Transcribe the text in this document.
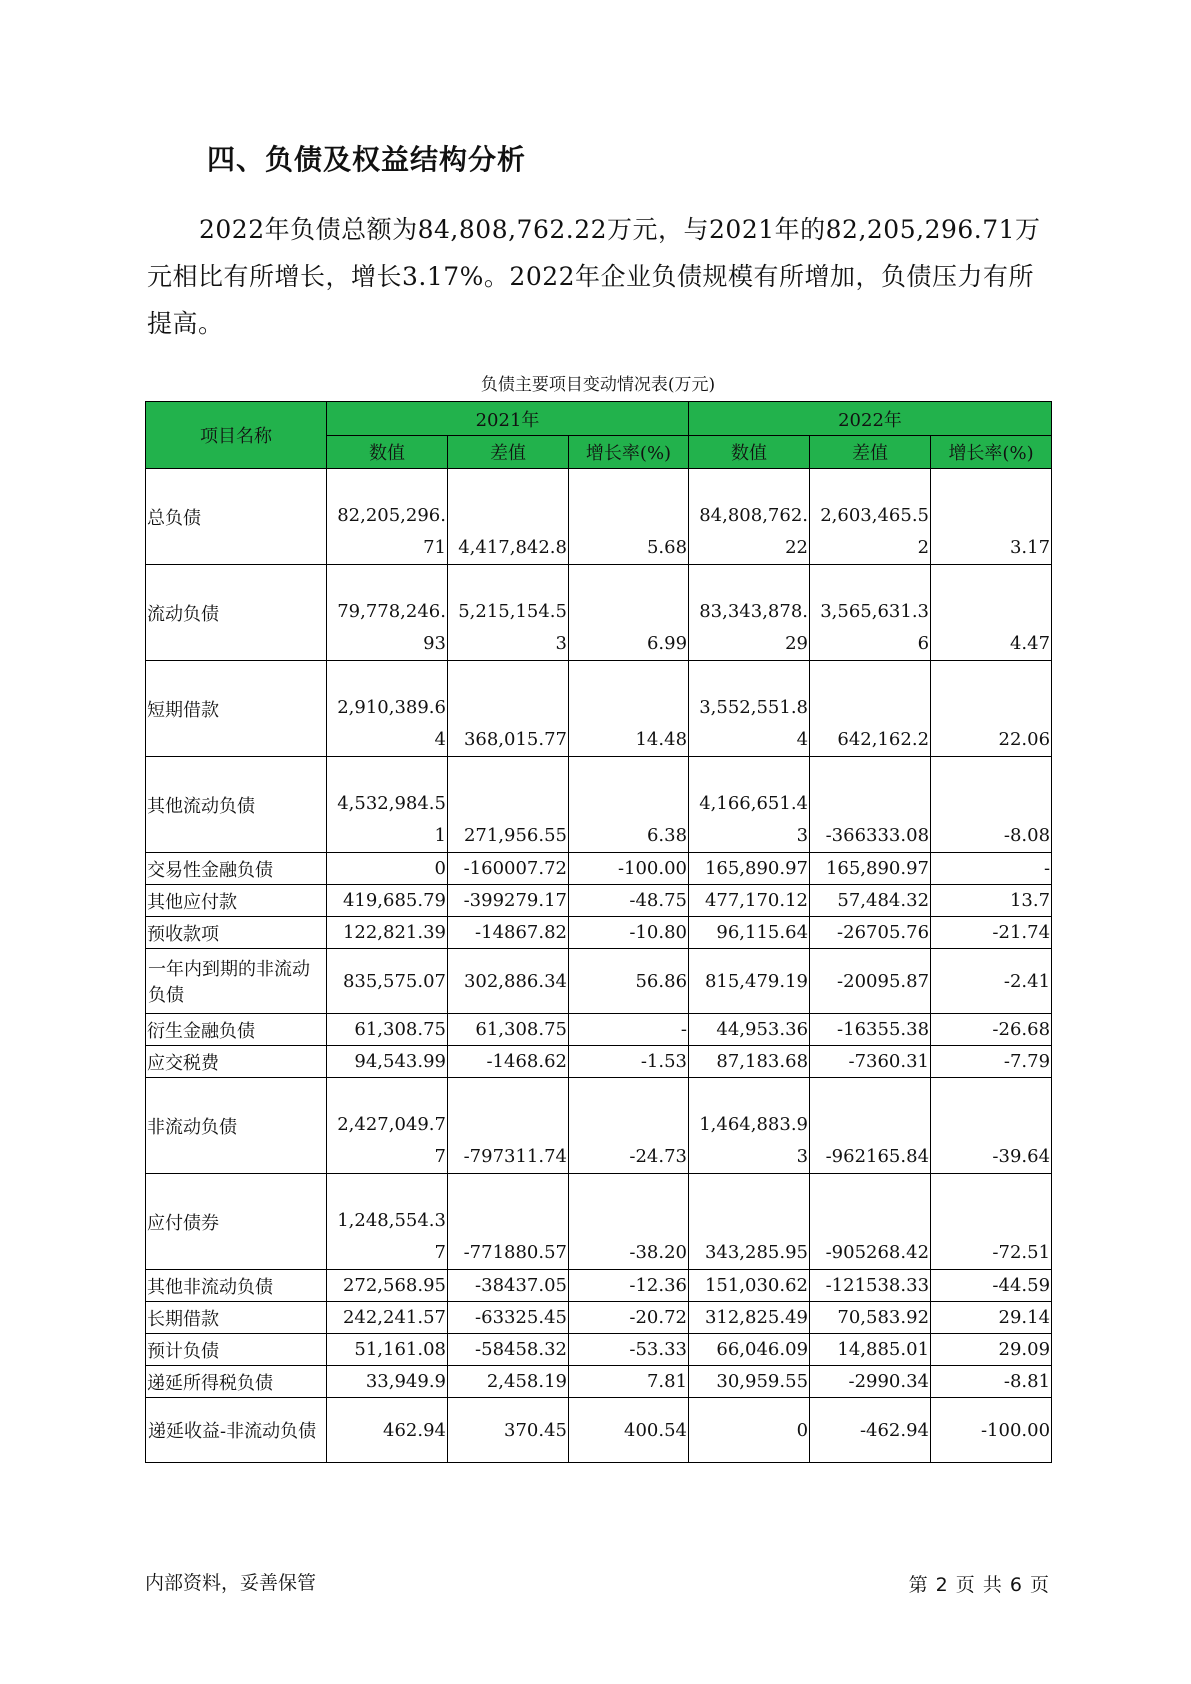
四、负债及权益结构分析
2022年负债总额为84,808,762.22万元，与2021年的82,205,296.71万元相比有所增长，增长3.17%。2022年企业负债规模有所增加，负债压力有所提高。
负债主要项目变动情况表(万元)
项目名称	2021年			2022年		
	数值	差值	增长率(%)	数值	差值	增长率(%)
总负债	82,205,296.71	4,417,842.8	5.68	84,808,762.22	2,603,465.52	3.17
流动负债	79,778,246.93	5,215,154.53	6.99	83,343,878.29	3,565,631.36	4.47
短期借款	2,910,389.64	368,015.77	14.48	3,552,551.84	642,162.2	22.06
其他流动负债	4,532,984.51	271,956.55	6.38	4,166,651.43	-366333.08	-8.08
交易性金融负债	0	-160007.72	-100.00	165,890.97	165,890.97	-
其他应付款	419,685.79	-399279.17	-48.75	477,170.12	57,484.32	13.7
预收款项	122,821.39	-14867.82	-10.80	96,115.64	-26705.76	-21.74
一年内到期的非流动负债	835,575.07	302,886.34	56.86	815,479.19	-20095.87	-2.41
衍生金融负债	61,308.75	61,308.75	-	44,953.36	-16355.38	-26.68
应交税费	94,543.99	-1468.62	-1.53	87,183.68	-7360.31	-7.79
非流动负债	2,427,049.77	-797311.74	-24.73	1,464,883.93	-962165.84	-39.64
应付债券	1,248,554.37	-771880.57	-38.20	343,285.95	-905268.42	-72.51
其他非流动负债	272,568.95	-38437.05	-12.36	151,030.62	-121538.33	-44.59
长期借款	242,241.57	-63325.45	-20.72	312,825.49	70,583.92	29.14
预计负债	51,161.08	-58458.32	-53.33	66,046.09	14,885.01	29.09
递延所得税负债	33,949.9	2,458.19	7.81	30,959.55	-2990.34	-8.81
递延收益-非流动负债	462.94	370.45	400.54	0	-462.94	-100.00
内部资料，妥善保管	第 2 页 共 6 页
